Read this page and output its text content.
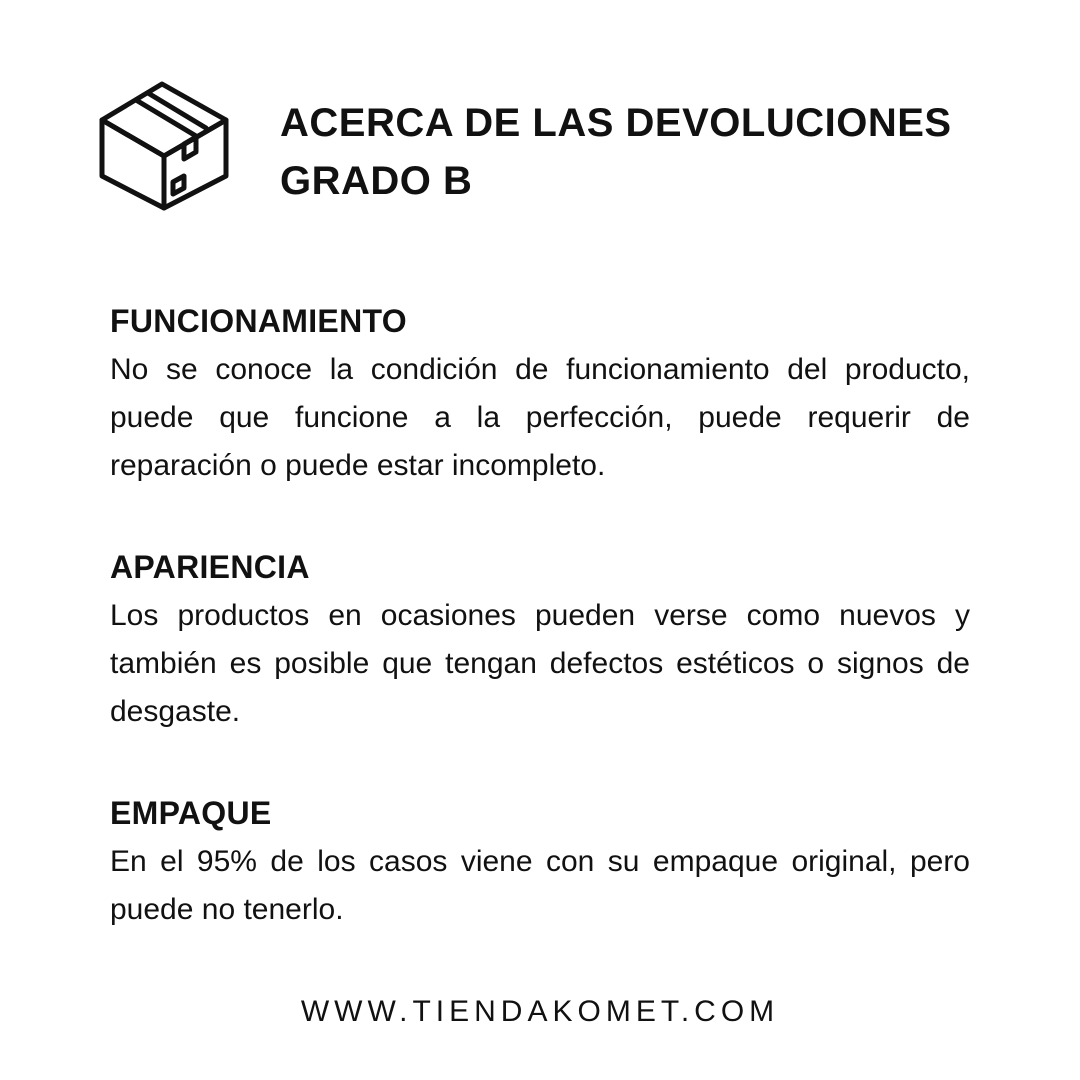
ACERCA DE LAS DEVOLUCIONES
GRADO B
FUNCIONAMIENTO

No se conoce la condición de funcionamiento del producto, puede que funcione a la perfección, puede requerir de reparación o puede estar incompleto.

APARIENCIA

Los productos en ocasiones pueden verse como nuevos y también es posible que tengan defectos estéticos o signos de desgaste.

EMPAQUE

En el 95% de los casos viene con su empaque original, pero puede no tenerlo.

WWW.TIENDAKOMET.COM
